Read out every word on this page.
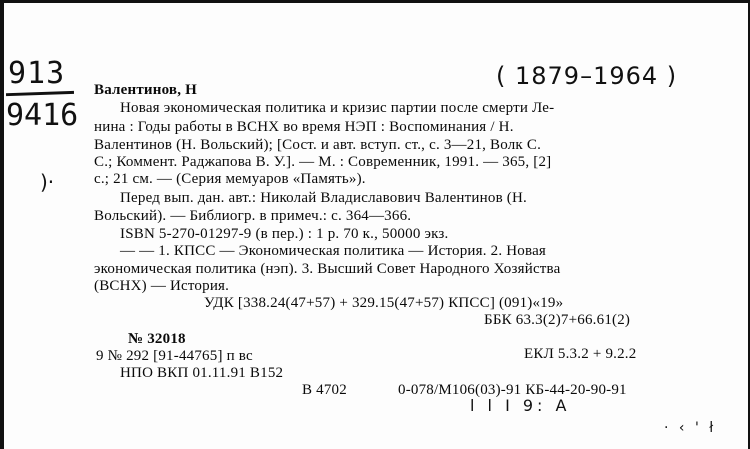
913
9416
)·
( 1879–1964 )
Валентинов, Н
Новая экономическая политика и кризис партии после смерти Ле-
нина : Годы работы в ВСНХ во время НЭП : Воспоминания / Н.
Валентинов (Н. Вольский); [Сост. и авт. вступ. ст., с. 3—21, Волк С.
С.; Коммент. Раджапова В. У.]. — М. : Современник, 1991. — 365, [2]
с.; 21 см. — (Серия мемуаров «Память»).
Перед вып. дан. авт.: Николай Владиславович Валентинов (Н.
Вольский). — Библиогр. в примеч.: с. 364—366.
ISBN 5-270-01297-9 (в пер.) : 1 р. 70 к., 50000 экз.
— — 1. КПСС — Экономическая политика — История. 2. Новая
экономическая политика (нэп). 3. Высший Совет Народного Хозяйства
(ВСНХ) — История.
УДК [338.24(47+57) + 329.15(47+57) КПСС] (091)«19»
ББК 63.3(2)7+66.61(2)
№ 32018
9 № 292 [91-44765] п вс	ЕКЛ 5.3.2 + 9.2.2
НПО ВКП 01.11.91 В152
В 4702	0-078/М106(03)-91 КБ-44-20-90-91
l l I 9: A
· ‹ ' ł
